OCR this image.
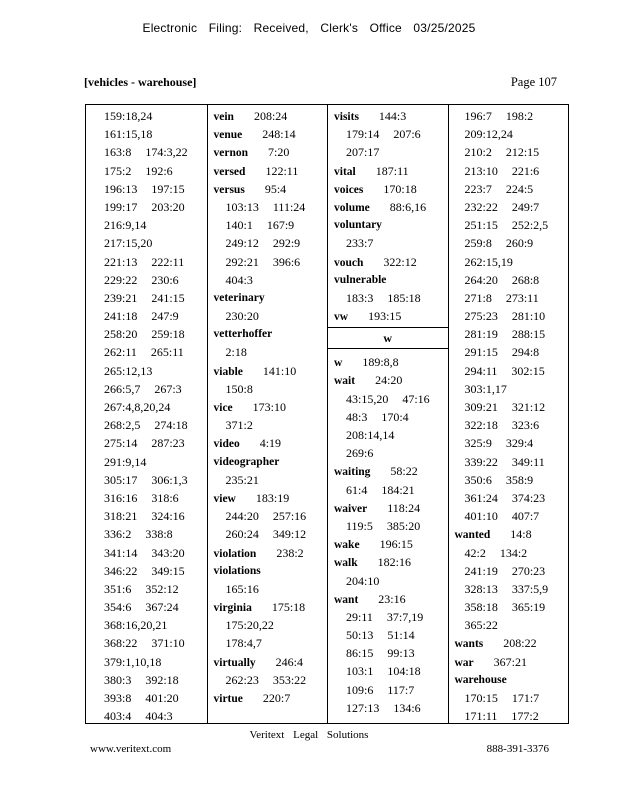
Electronic Filing: Received, Clerk's Office 03/25/2025
[vehicles - warehouse]	Page 107
159:18,24
161:15,18
163:8 174:3,22
175:2 192:6
196:13 197:15
199:17 203:20
216:9,14
217:15,20
221:13 222:11
229:22 230:6
239:21 241:15
241:18 247:9
258:20 259:18
262:11 265:11
265:12,13
266:5,7 267:3
267:4,8,20,24
268:2,5 274:18
275:14 287:23
291:9,14
305:17 306:1,3
316:16 318:6
318:21 324:16
336:2 338:8
341:14 343:20
346:22 349:15
351:6 352:12
354:6 367:24
368:16,20,21
368:22 371:10
379:1,10,18
380:3 392:18
393:8 401:20
403:4 404:3
vein 208:24
venue 248:14
vernon 7:20
versed 122:11
versus 95:4
103:13 111:24
140:1 167:9
249:12 292:9
292:21 396:6
404:3
veterinary
230:20
vetterhoffer
2:18
viable 141:10
150:8
vice 173:10
371:2
video 4:19
videographer
235:21
view 183:19
244:20 257:16
260:24 349:12
violation 238:2
violations
165:16
virginia 175:18
175:20,22
178:4,7
virtually 246:4
262:23 353:22
virtue 220:7
visits 144:3
179:14 207:6
207:17
vital 187:11
voices 170:18
volume 88:6,16
voluntary
233:7
vouch 322:12
vulnerable
183:3 185:18
vw 193:15
w
w 189:8,8
wait 24:20
43:15,20 47:16
48:3 170:4
208:14,14
269:6
waiting 58:22
61:4 184:21
waiver 118:24
119:5 385:20
wake 196:15
walk 182:16
204:10
want 23:16
29:11 37:7,19
50:13 51:14
86:15 99:13
103:1 104:18
109:6 117:7
127:13 134:6
196:7 198:2
209:12,24
210:2 212:15
213:10 221:6
223:7 224:5
232:22 249:7
251:15 252:2,5
259:8 260:9
262:15,19
264:20 268:8
271:8 273:11
275:23 281:10
281:19 288:15
291:15 294:8
294:11 302:15
303:1,17
309:21 321:12
322:18 323:6
325:9 329:4
339:22 349:11
350:6 358:9
361:24 374:23
401:10 407:7
wanted 14:8
42:2 134:2
241:19 270:23
328:13 337:5,9
358:18 365:19
365:22
wants 208:22
war 367:21
warehouse
170:15 171:7
171:11 177:2
Veritext Legal Solutions
www.veritext.com	888-391-3376
